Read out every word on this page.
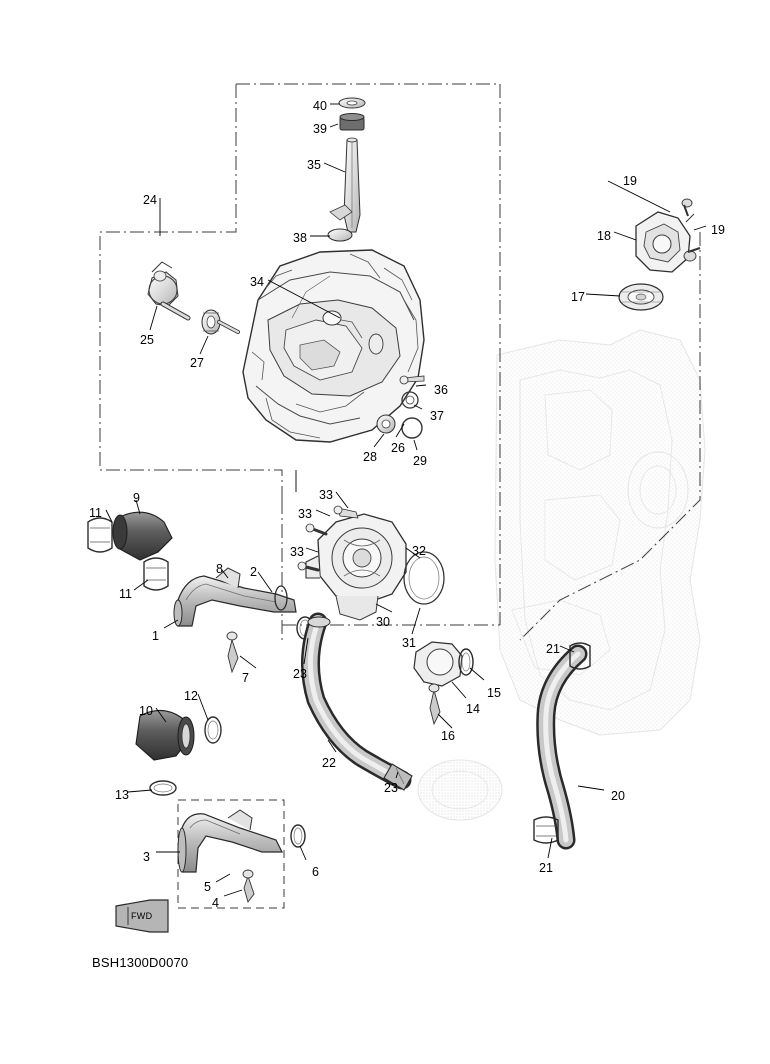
40
39
35
19
24
18	19
38
34
17
25
27
36
37
28
26
29
33
11
9
33
33	32
8 2
11
30
31
1
21
7	23
15
14
12
10
16
22
13	23
20
3
6	21
5
4
FWD
BSH1300D0070
